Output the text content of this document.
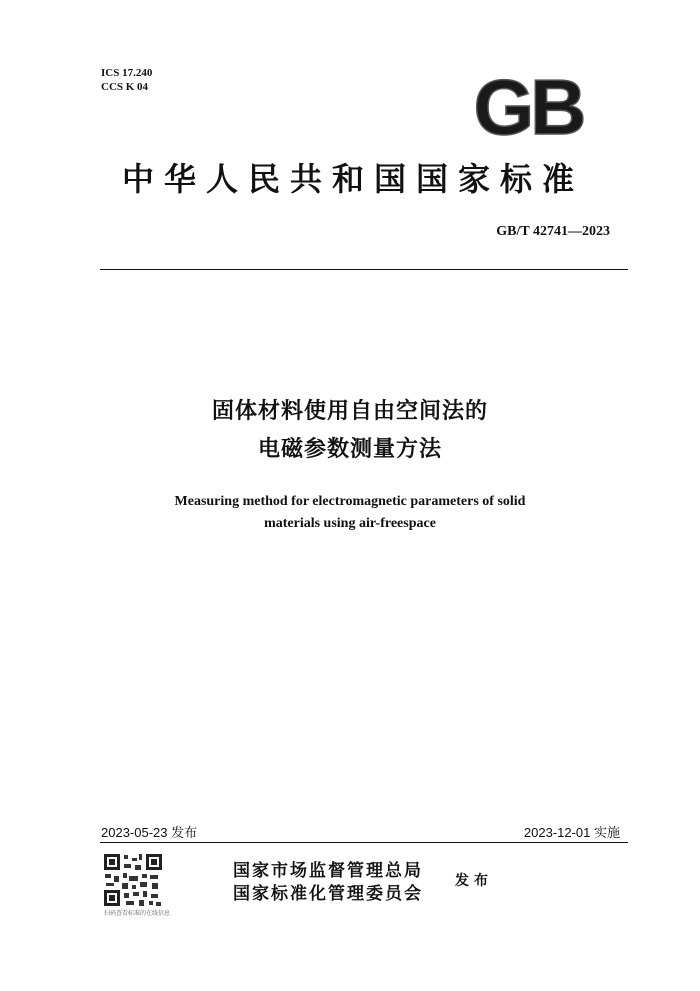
ICS 17.240
CCS K 04	GB
中华人民共和国国家标准
GB/T 42741—2023
固体材料使用自由空间法的
电磁参数测量方法
Measuring method for electromagnetic parameters of solid
materials using air-freespace
2023-05-23 发布	2023-12-01 实施
扫码查看标准的在线信息
国家市场监督管理总局
国家标准化管理委员会
发布
